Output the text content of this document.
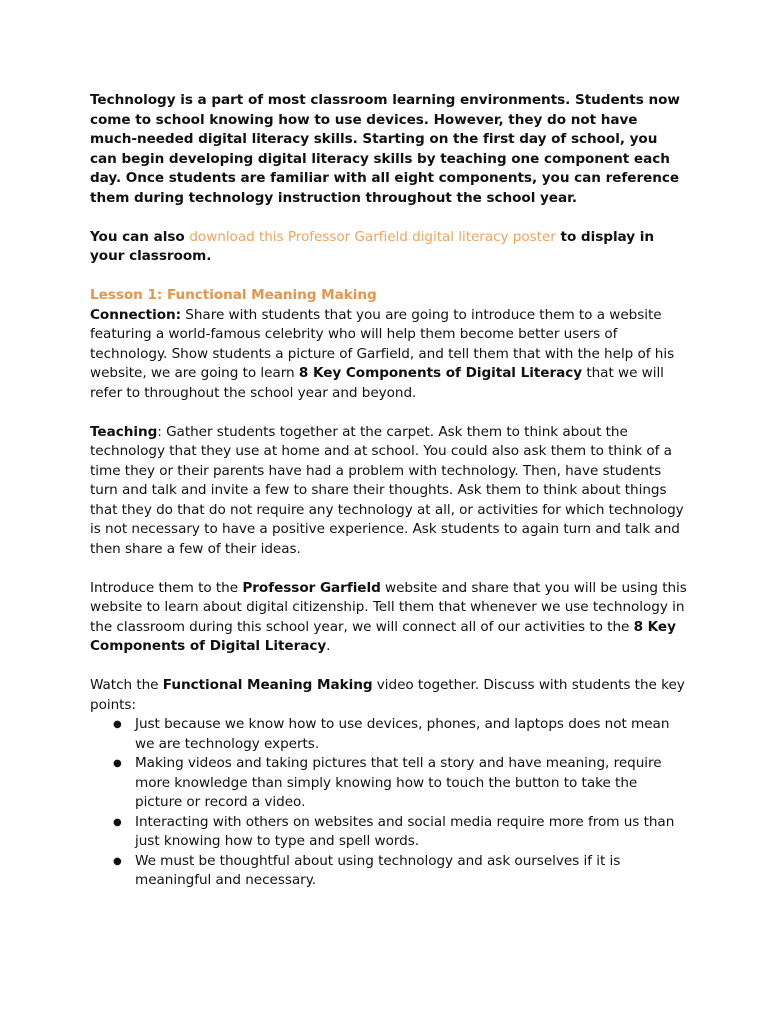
Technology is a part of most classroom learning environments. Students now come to school knowing how to use devices. However, they do not have much-needed digital literacy skills. Starting on the first day of school, you can begin developing digital literacy skills by teaching one component each day. Once students are familiar with all eight components, you can reference them during technology instruction throughout the school year.

You can also download this Professor Garfield digital literacy poster to display in your classroom.

Lesson 1: Functional Meaning Making

Connection: Share with students that you are going to introduce them to a website featuring a world-famous celebrity who will help them become better users of technology. Show students a picture of Garfield, and tell them that with the help of his website, we are going to learn 8 Key Components of Digital Literacy that we will refer to throughout the school year and beyond.

Teaching: Gather students together at the carpet. Ask them to think about the technology that they use at home and at school. You could also ask them to think of a time they or their parents have had a problem with technology. Then, have students turn and talk and invite a few to share their thoughts. Ask them to think about things that they do that do not require any technology at all, or activities for which technology is not necessary to have a positive experience. Ask students to again turn and talk and then share a few of their ideas.

Introduce them to the Professor Garfield website and share that you will be using this website to learn about digital citizenship. Tell them that whenever we use technology in the classroom during this school year, we will connect all of our activities to the 8 Key Components of Digital Literacy.

Watch the Functional Meaning Making video together. Discuss with students the key points:

● Just because we know how to use devices, phones, and laptops does not mean we are technology experts.
● Making videos and taking pictures that tell a story and have meaning, require more knowledge than simply knowing how to touch the button to take the picture or record a video.
● Interacting with others on websites and social media require more from us than just knowing how to type and spell words.
● We must be thoughtful about using technology and ask ourselves if it is meaningful and necessary.
